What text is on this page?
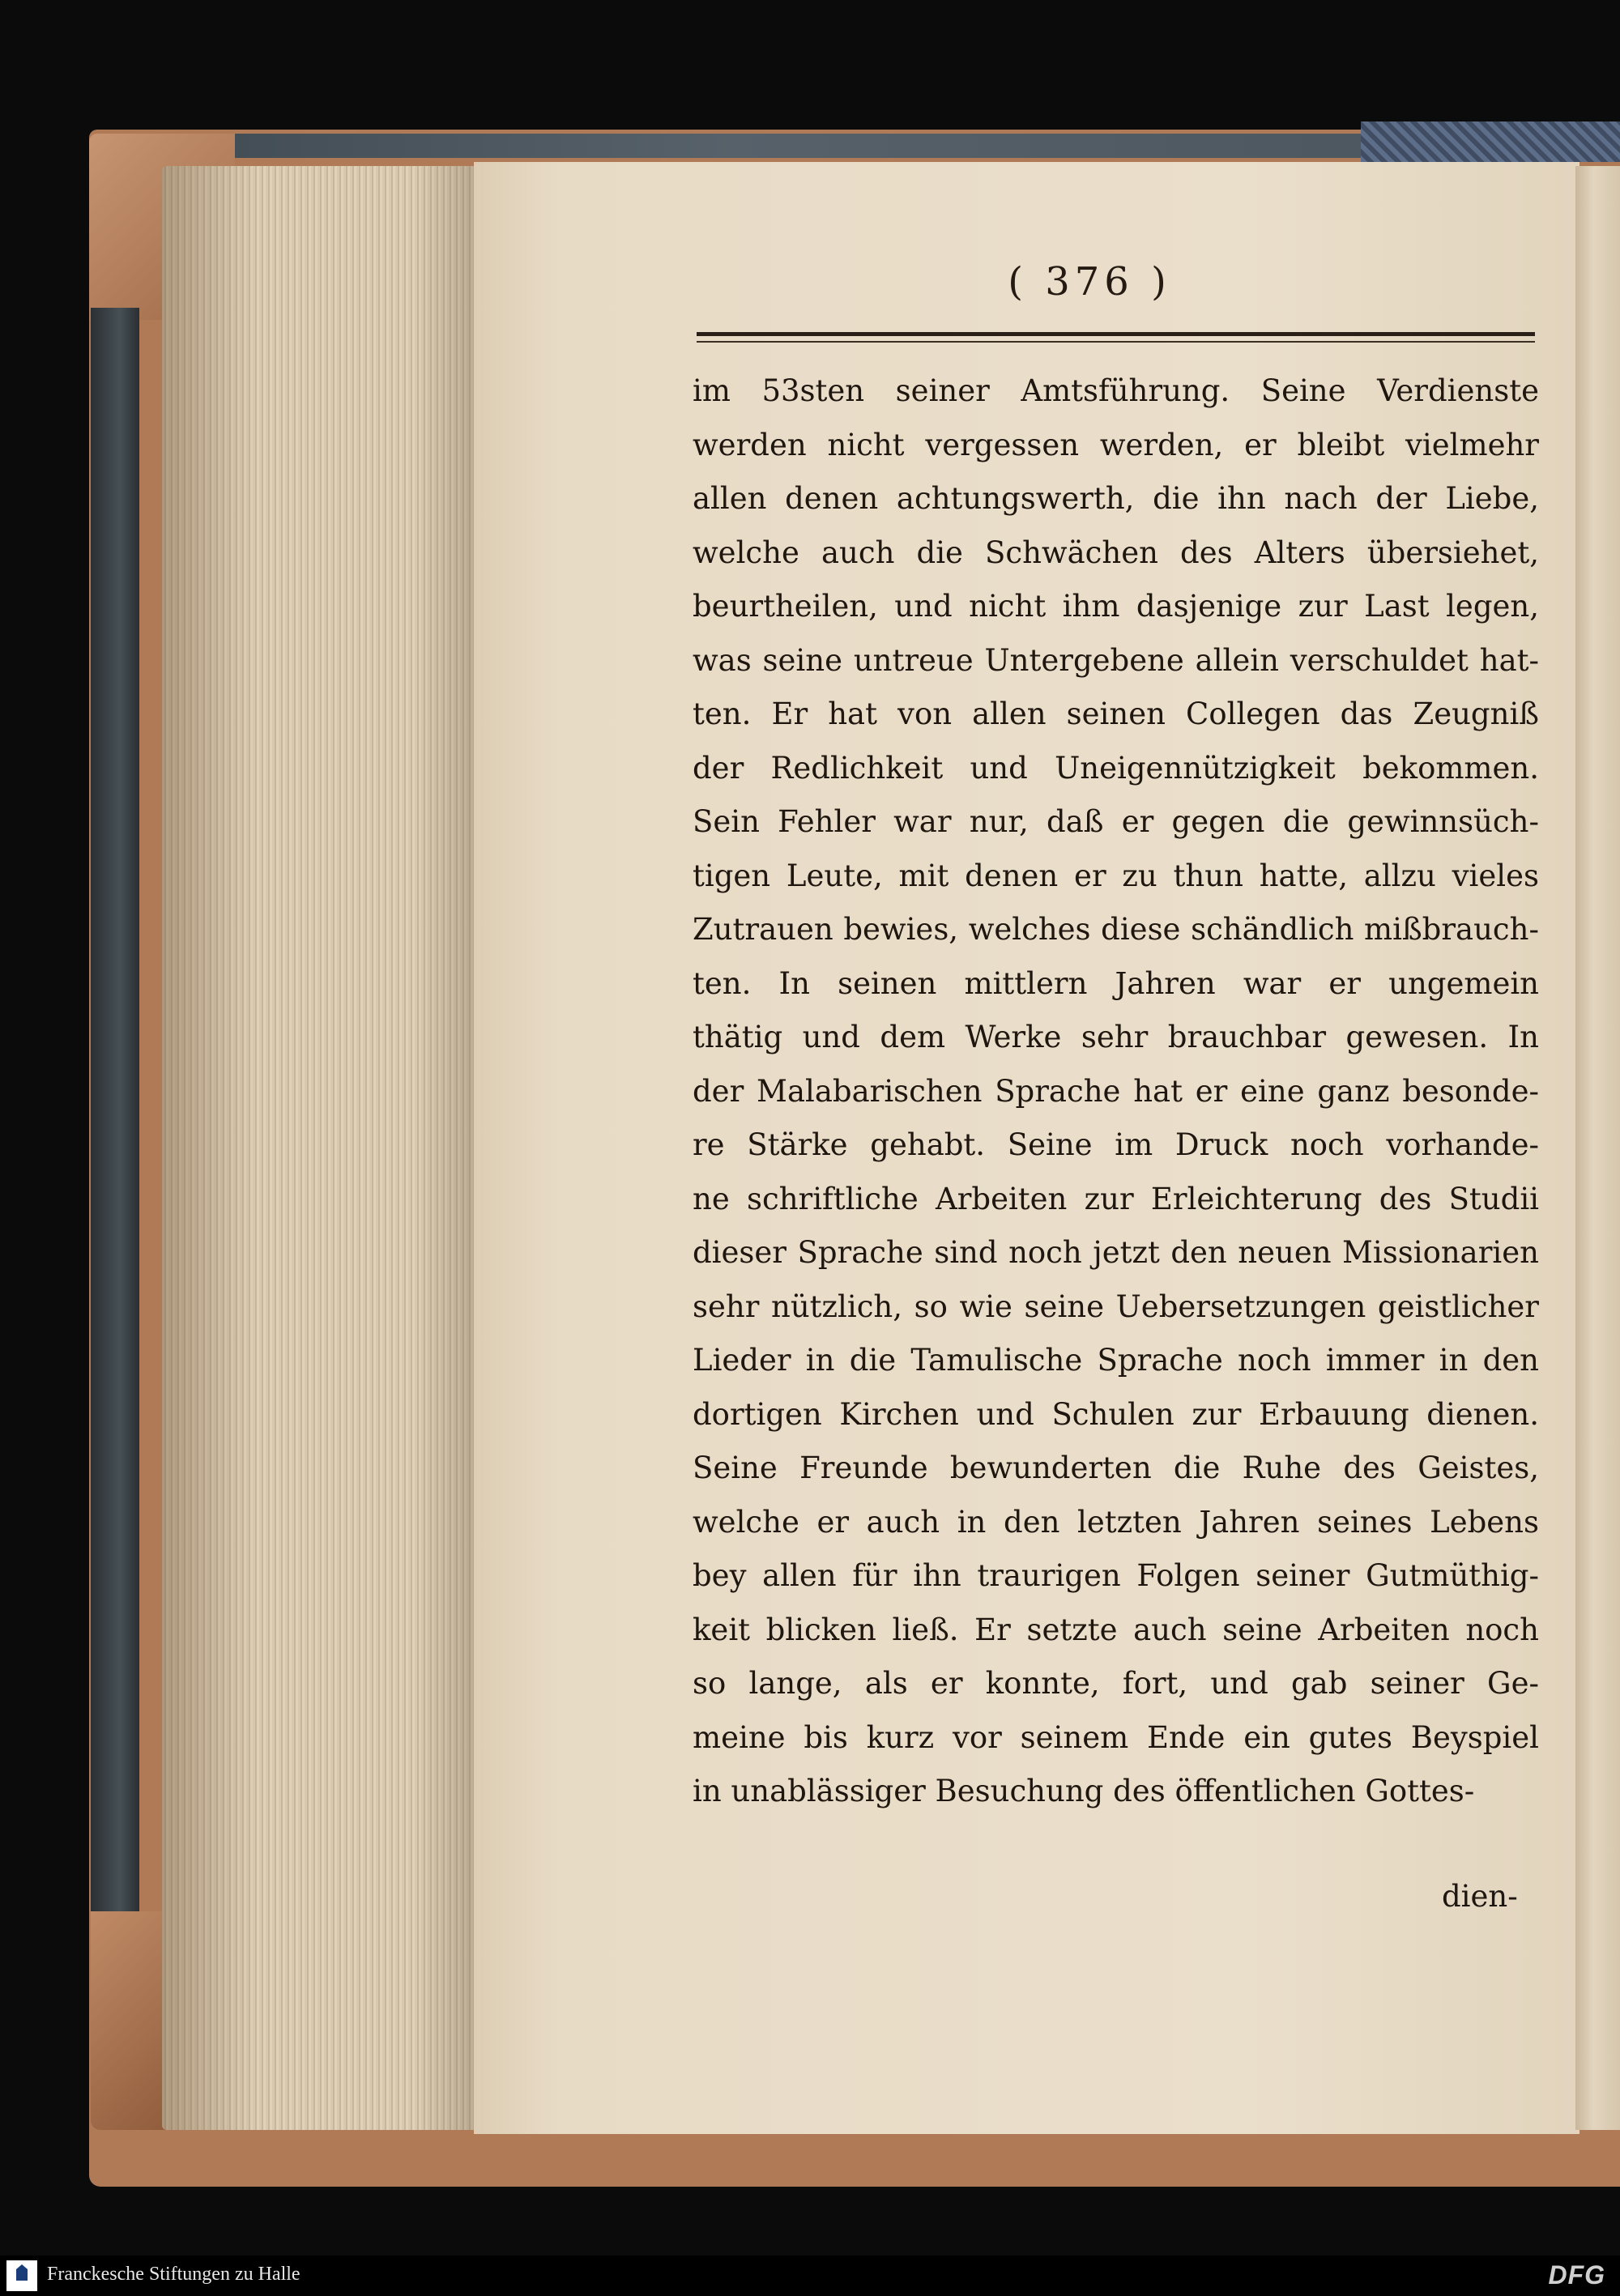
( 376 )
im 53sten seiner Amtsführung. Seine Verdienste
werden nicht vergessen werden, er bleibt vielmehr
allen denen achtungswerth, die ihn nach der Liebe,
welche auch die Schwächen des Alters übersiehet,
beurtheilen, und nicht ihm dasjenige zur Last legen,
was seine untreue Untergebene allein verschuldet hat-
ten. Er hat von allen seinen Collegen das Zeugniß
der Redlichkeit und Uneigennützigkeit bekommen.
Sein Fehler war nur, daß er gegen die gewinnsüch-
tigen Leute, mit denen er zu thun hatte, allzu vieles
Zutrauen bewies, welches diese schändlich mißbrauch-
ten. In seinen mittlern Jahren war er ungemein
thätig und dem Werke sehr brauchbar gewesen. In
der Malabarischen Sprache hat er eine ganz besonde-
re Stärke gehabt. Seine im Druck noch vorhande-
ne schriftliche Arbeiten zur Erleichterung des Studii
dieser Sprache sind noch jetzt den neuen Missionarien
sehr nützlich, so wie seine Uebersetzungen geistlicher
Lieder in die Tamulische Sprache noch immer in den
dortigen Kirchen und Schulen zur Erbauung dienen.
Seine Freunde bewunderten die Ruhe des Geistes,
welche er auch in den letzten Jahren seines Lebens
bey allen für ihn traurigen Folgen seiner Gutmüthig-
keit blicken ließ. Er setzte auch seine Arbeiten noch
so lange, als er konnte, fort, und gab seiner Ge-
meine bis kurz vor seinem Ende ein gutes Beyspiel
in unablässiger Besuchung des öffentlichen Gottes-
dien-
Franckesche Stiftungen zu Halle	DFG
